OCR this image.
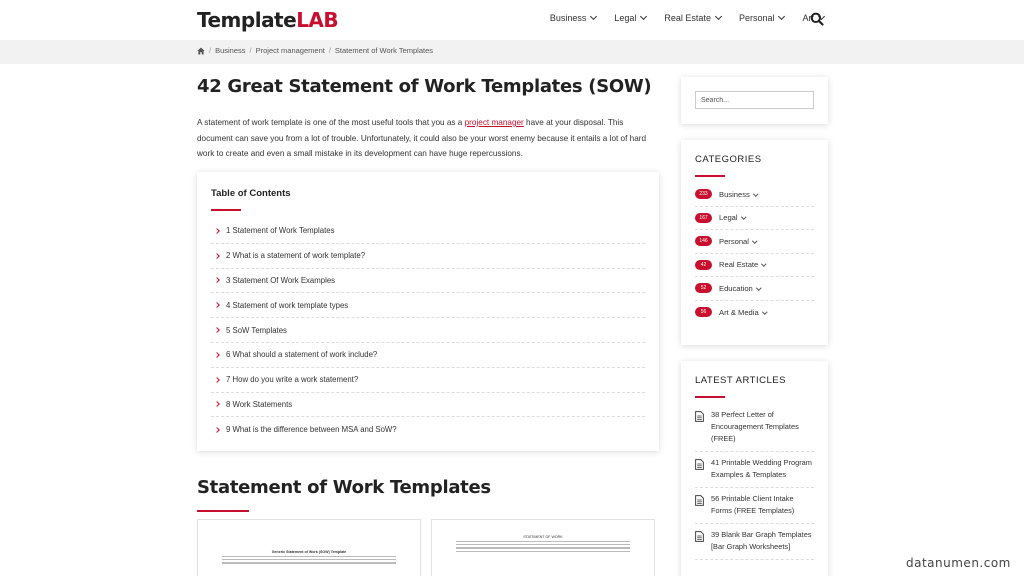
TemplateLAB	Business	Legal	Real Estate	Personal	Art
/ Business / Project management / Statement of Work Templates
42 Great Statement of Work Templates (SOW)

A statement of work template is one of the most useful tools that you as a project manager have at your disposal. This document can save you from a lot of trouble. Unfortunately, it could also be your worst enemy because it entails a lot of hard work to create and even a small mistake in its development can have huge repercussions.

Table of Contents
1 Statement of Work Templates
2 What is a statement of work template?
3 Statement Of Work Examples
4 Statement of work template types
5 SoW Templates
6 What should a statement of work include?
7 How do you write a work statement?
8 Work Statements
9 What is the difference between MSA and SoW?
Statement of Work Templates
Generic Statement of Work (SOW) Template
STATEMENT OF WORK
Search...
CATEGORIES
233	Business
167	Legal
146	Personal
42	Real Estate
52	Education
56	Art & Media
LATEST ARTICLES
38 Perfect Letter of Encouragement Templates (FREE)
41 Printable Wedding Program Examples & Templates
56 Printable Client Intake Forms (FREE Templates)
39 Blank Bar Graph Templates [Bar Graph Worksheets]
datanumen.com
